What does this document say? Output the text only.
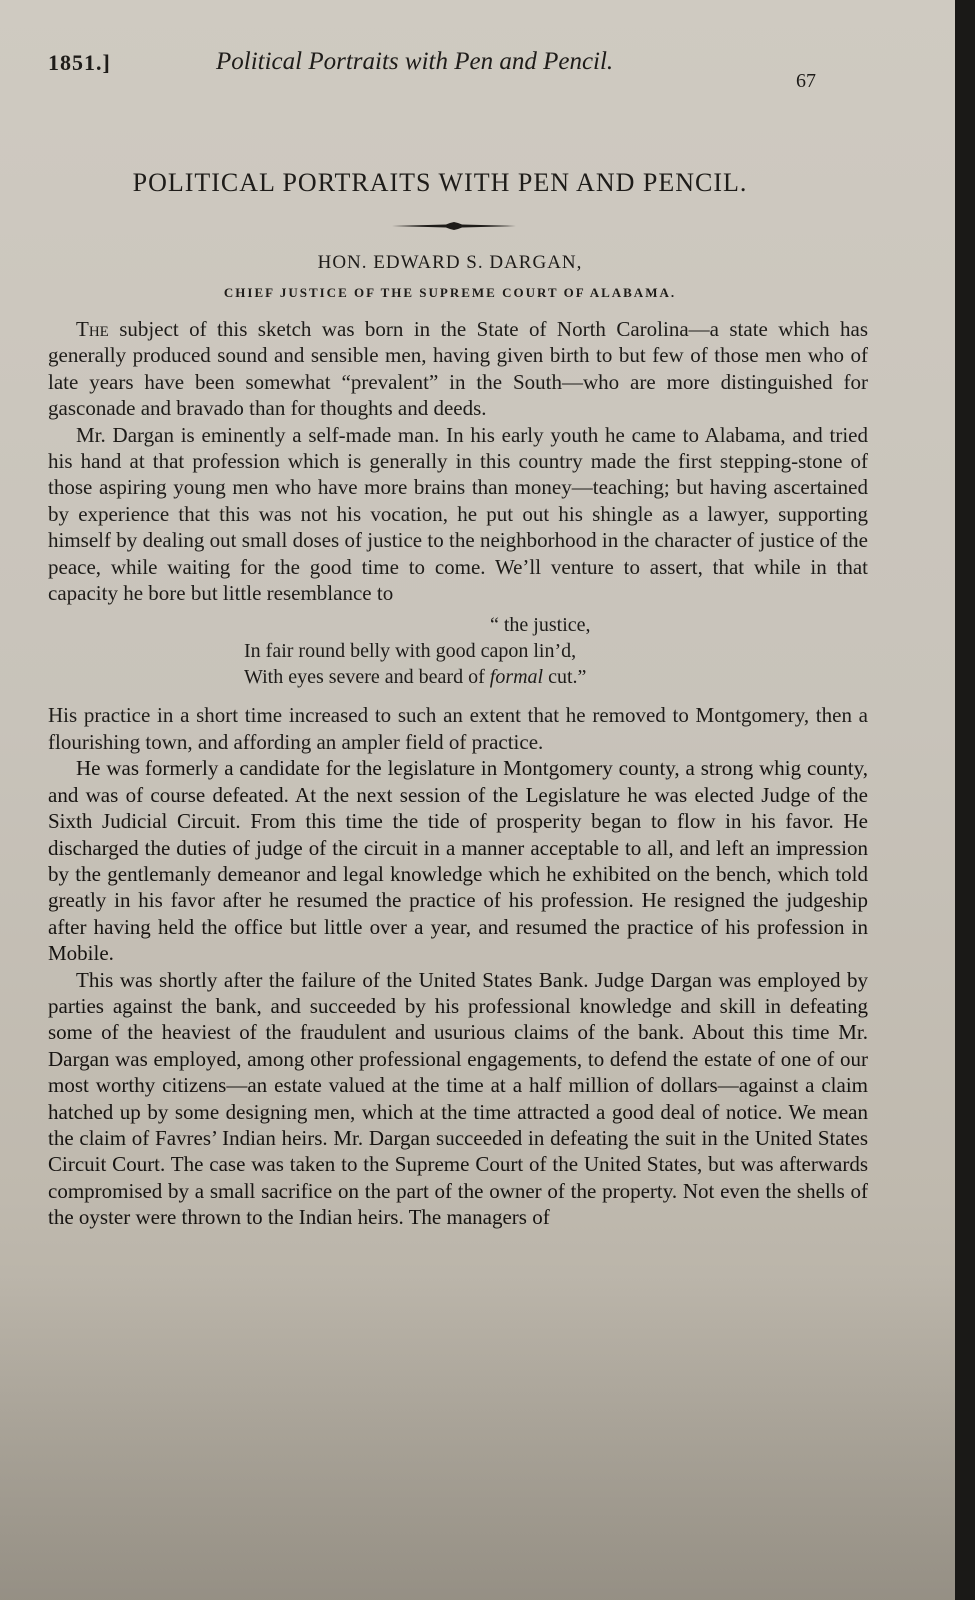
1851.]	Political Portraits with Pen and Pencil.
67
POLITICAL PORTRAITS WITH PEN AND PENCIL.
HON. EDWARD S. DARGAN,
CHIEF JUSTICE OF THE SUPREME COURT OF ALABAMA.

The subject of this sketch was born in the State of North Carolina—a state which has generally produced sound and sensible men, having given birth to but few of those men who of late years have been somewhat “prevalent” in the South—who are more distinguished for gasconade and bravado than for thoughts and deeds.

Mr. Dargan is eminently a self-made man. In his early youth he came to Alabama, and tried his hand at that profession which is generally in this country made the first stepping-stone of those aspiring young men who have more brains than money—teaching; but having ascertained by experience that this was not his vocation, he put out his shingle as a lawyer, supporting himself by dealing out small doses of justice to the neighborhood in the character of justice of the peace, while waiting for the good time to come. We’ll venture to assert, that while in that capacity he bore but little resemblance to

“ the justice,
In fair round belly with good capon lin’d,
With eyes severe and beard of formal cut.”

His practice in a short time increased to such an extent that he removed to Montgomery, then a flourishing town, and affording an ampler field of practice.

He was formerly a candidate for the legislature in Montgomery county, a strong whig county, and was of course defeated. At the next session of the Legislature he was elected Judge of the Sixth Judicial Circuit. From this time the tide of prosperity began to flow in his favor. He discharged the duties of judge of the circuit in a manner acceptable to all, and left an impression by the gentlemanly demeanor and legal knowledge which he exhibited on the bench, which told greatly in his favor after he resumed the practice of his profession. He resigned the judgeship after having held the office but little over a year, and resumed the practice of his profession in Mobile.

This was shortly after the failure of the United States Bank. Judge Dargan was employed by parties against the bank, and succeeded by his professional knowledge and skill in defeating some of the heaviest of the fraudulent and usurious claims of the bank. About this time Mr. Dargan was employed, among other professional engagements, to defend the estate of one of our most worthy citizens—an estate valued at the time at a half million of dollars—against a claim hatched up by some designing men, which at the time attracted a good deal of notice. We mean the claim of Favres’ Indian heirs. Mr. Dargan succeeded in defeating the suit in the United States Circuit Court. The case was taken to the Supreme Court of the United States, but was afterwards compromised by a small sacrifice on the part of the owner of the property. Not even the shells of the oyster were thrown to the Indian heirs. The managers of
